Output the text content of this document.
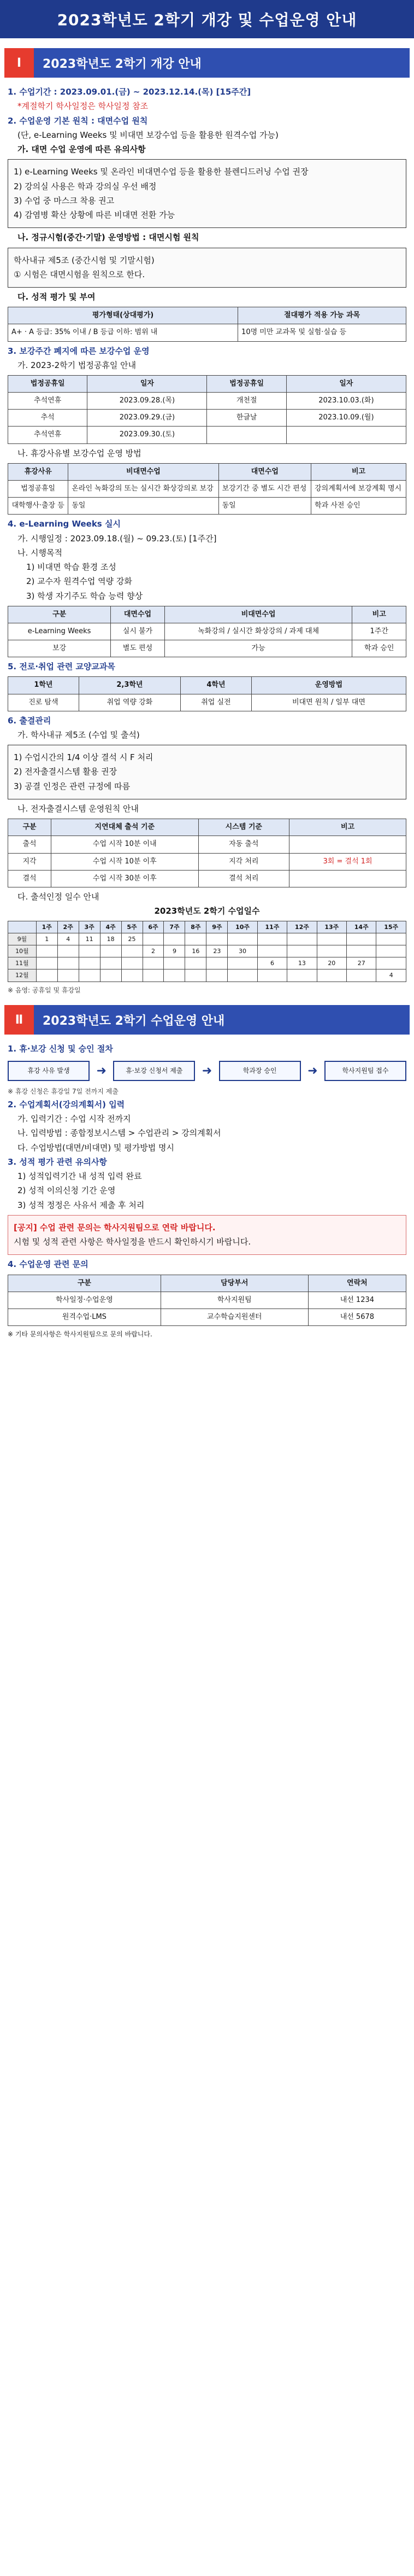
2023학년도 2학기 개강 및 수업운영 안내
Ⅰ	2023학년도 2학기 개강 안내
1. 수업기간 : 2023.09.01.(금) ~ 2023.12.14.(목) [15주간]
*계절학기 학사일정은 학사일정 참조
2. 수업운영 기본 원칙 : 대면수업 원칙
(단, e-Learning Weeks 및 비대면 보강수업 등을 활용한 원격수업 가능)
가. 대면 수업 운영에 따른 유의사항
1) e-Learning Weeks 및 온라인 비대면수업 등을 활용한 블렌디드러닝 수업 권장
2) 강의실 사용은 학과 강의실 우선 배정
3) 수업 중 마스크 착용 권고
4) 감염병 확산 상황에 따른 비대면 전환 가능
나. 정규시험(중간·기말) 운영방법 : 대면시험 원칙
학사내규 제5조 (중간시험 및 기말시험)
① 시험은 대면시험을 원칙으로 한다.
다. 성적 평가 및 부여
평가형태(상대평가)	절대평가 적용 가능 과목
A+ · A 등급: 35% 이내 / B 등급 이하: 범위 내	10명 미만 교과목 및 실험·실습 등
3. 보강주간 폐지에 따른 보강수업 운영
가. 2023-2학기 법정공휴일 안내
법정공휴일	일자	법정공휴일	일자
추석연휴	2023.09.28.(목)	개천절	2023.10.03.(화)
추석	2023.09.29.(금)	한글날	2023.10.09.(월)
추석연휴	2023.09.30.(토)		
나. 휴강사유별 보강수업 운영 방법
휴강사유	비대면수업	대면수업	비고
법정공휴일	온라인 녹화강의 또는 실시간 화상강의로 보강	보강기간 중 별도 시간 편성	강의계획서에 보강계획 명시
대학행사·출장 등	동일	동일	학과 사전 승인
4. e-Learning Weeks 실시
가. 시행일정 : 2023.09.18.(월) ~ 09.23.(토) [1주간]
나. 시행목적
1) 비대면 학습 환경 조성
2) 교수자 원격수업 역량 강화
3) 학생 자기주도 학습 능력 향상
구분	대면수업	비대면수업	비고
e-Learning Weeks	실시 불가	녹화강의 / 실시간 화상강의 / 과제 대체	1주간
보강	별도 편성	가능	학과 승인
5. 전로·취업 관련 교양교과목
1학년	2,3학년	4학년	운영방법
진로 탐색	취업 역량 강화	취업 실전	비대면 원칙 / 일부 대면
6. 출결관리
가. 학사내규 제5조 (수업 및 출석)
1) 수업시간의 1/4 이상 결석 시 F 처리
2) 전자출결시스템 활용 권장
3) 공결 인정은 관련 규정에 따름
나. 전자출결시스템 운영원칙 안내
구분	지연대체 출석 기준	시스템 기준	비고
출석	수업 시작 10분 이내	자동 출석	
지각	수업 시작 10분 이후	지각 처리	3회 = 결석 1회
결석	수업 시작 30분 이후	결석 처리	
다. 출석인정 일수 안내
2023학년도 2학기 수업일수
	1주	2주	3주	4주	5주	6주	7주	8주	9주	10주	11주	12주	13주	14주	15주
9월	1	4	11	18	25										
10월						2	9	16	23	30					
11월											6	13	20	27	
12월															4
※ 음영: 공휴일 및 휴강일
Ⅱ	2023학년도 2학기 수업운영 안내
1. 휴·보강 신청 및 승인 절차
휴강 사유 발생	➜	휴·보강 신청서 제출	➜	학과장 승인	➜	학사지원팀 접수
※ 휴강 신청은 휴강일 7일 전까지 제출
2. 수업계획서(강의계획서) 입력
가. 입력기간 : 수업 시작 전까지
나. 입력방법 : 종합정보시스템 > 수업관리 > 강의계획서
다. 수업방법(대면/비대면) 및 평가방법 명시
3. 성적 평가 관련 유의사항
1) 성적입력기간 내 성적 입력 완료
2) 성적 이의신청 기간 운영
3) 성적 정정은 사유서 제출 후 처리
[공지] 수업 관련 문의는 학사지원팀으로 연락 바랍니다.
시험 및 성적 관련 사항은 학사일정을 반드시 확인하시기 바랍니다.
4. 수업운영 관련 문의
구분	담당부서	연락처
학사일정·수업운영	학사지원팀	내선 1234
원격수업·LMS	교수학습지원센터	내선 5678
※ 기타 문의사항은 학사지원팀으로 문의 바랍니다.
